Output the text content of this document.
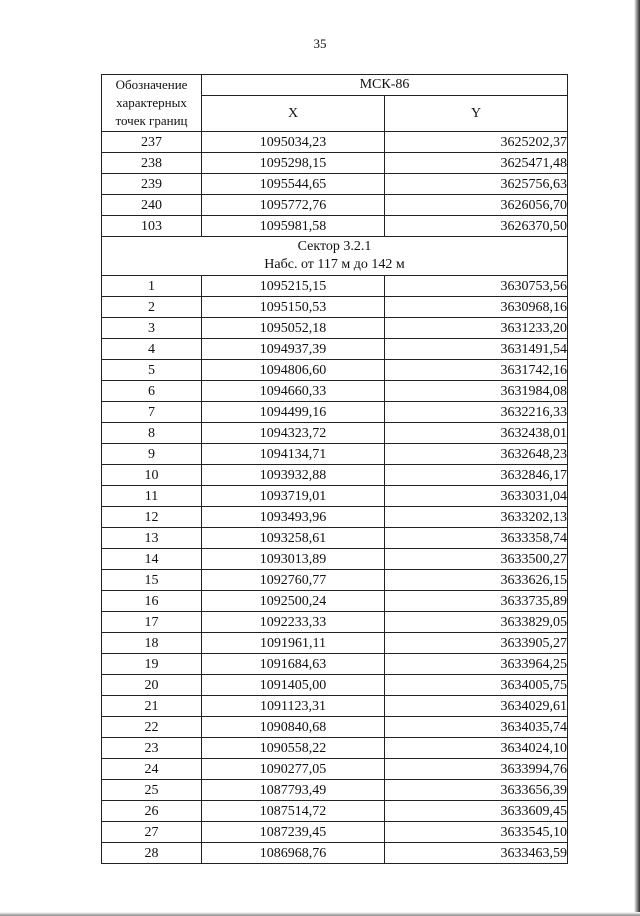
35
Обозначение
характерных
точек границ	МСК-86	
	X	Y
237	1095034,23	3625202,37
238	1095298,15	3625471,48
239	1095544,65	3625756,63
240	1095772,76	3626056,70
103	1095981,58	3626370,50
Сектор 3.2.1
Набс. от 117 м до 142 м		
1	1095215,15	3630753,56
2	1095150,53	3630968,16
3	1095052,18	3631233,20
4	1094937,39	3631491,54
5	1094806,60	3631742,16
6	1094660,33	3631984,08
7	1094499,16	3632216,33
8	1094323,72	3632438,01
9	1094134,71	3632648,23
10	1093932,88	3632846,17
11	1093719,01	3633031,04
12	1093493,96	3633202,13
13	1093258,61	3633358,74
14	1093013,89	3633500,27
15	1092760,77	3633626,15
16	1092500,24	3633735,89
17	1092233,33	3633829,05
18	1091961,11	3633905,27
19	1091684,63	3633964,25
20	1091405,00	3634005,75
21	1091123,31	3634029,61
22	1090840,68	3634035,74
23	1090558,22	3634024,10
24	1090277,05	3633994,76
25	1087793,49	3633656,39
26	1087514,72	3633609,45
27	1087239,45	3633545,10
28	1086968,76	3633463,59
